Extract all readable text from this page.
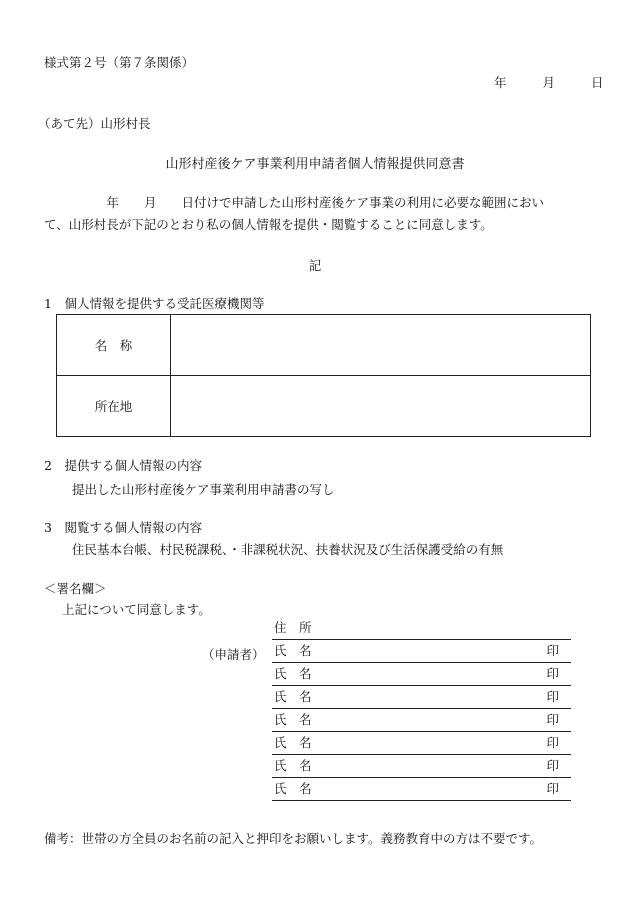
様式第２号（第７条関係）
年	月	日
（あて先）山形村長
山形村産後ケア事業利用申請者個人情報提供同意書
　　　　　年　　月　　日付けで申請した山形村産後ケア事業の利用に必要な範囲におい
て、山形村長が下記のとおり私の個人情報を提供・閲覧することに同意します。
記
1　個人情報を提供する受託医療機関等
名　称	
所在地	
2　提供する個人情報の内容
提出した山形村産後ケア事業利用申請書の写し
3　閲覧する個人情報の内容
住民基本台帳、村民税課税、・非課税状況、扶養状況及び生活保護受給の有無
＜署名欄＞
上記について同意します。
（申請者）
住　所
氏　名	印
氏　名	印
氏　名	印
氏　名	印
氏　名	印
氏　名	印
氏　名	印
備考：世帯の方全員のお名前の記入と押印をお願いします。義務教育中の方は不要です。
